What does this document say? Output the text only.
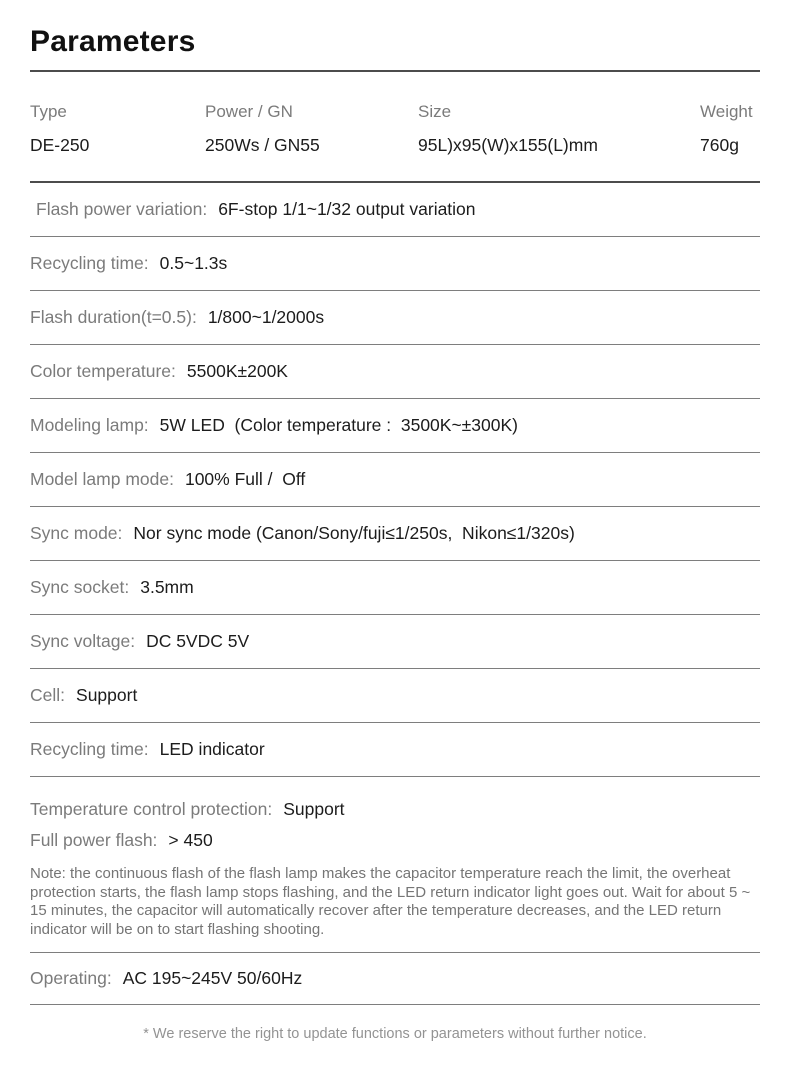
Parameters
Type	Power / GN	Size	Weight
DE-250	250Ws / GN55	95L)x95(W)x155(L)mm	760g
Flash power variation: 6F-stop 1/1~1/32 output variation
Recycling time: 0.5~1.3s
Flash duration(t=0.5): 1/800~1/2000s
Color temperature: 5500K±200K
Modeling lamp: 5W LED  (Color temperature :  3500K~±300K)
Model lamp mode: 100% Full /  Off
Sync mode: Nor sync mode (Canon/Sony/fuji≤1/250s,  Nikon≤1/320s)
Sync socket: 3.5mm
Sync voltage: DC 5VDC 5V
Cell: Support
Recycling time: LED indicator
Temperature control protection: Support
Full power flash: > 450

Note: the continuous flash of the flash lamp makes the capacitor temperature reach the limit, the overheat protection starts, the flash lamp stops flashing, and the LED return indicator light goes out. Wait for about 5 ~ 15 minutes, the capacitor will automatically recover after the temperature decreases, and the LED return indicator will be on to start flashing shooting.

Operating: AC 195~245V 50/60Hz
* We reserve the right to update functions or parameters without further notice.
